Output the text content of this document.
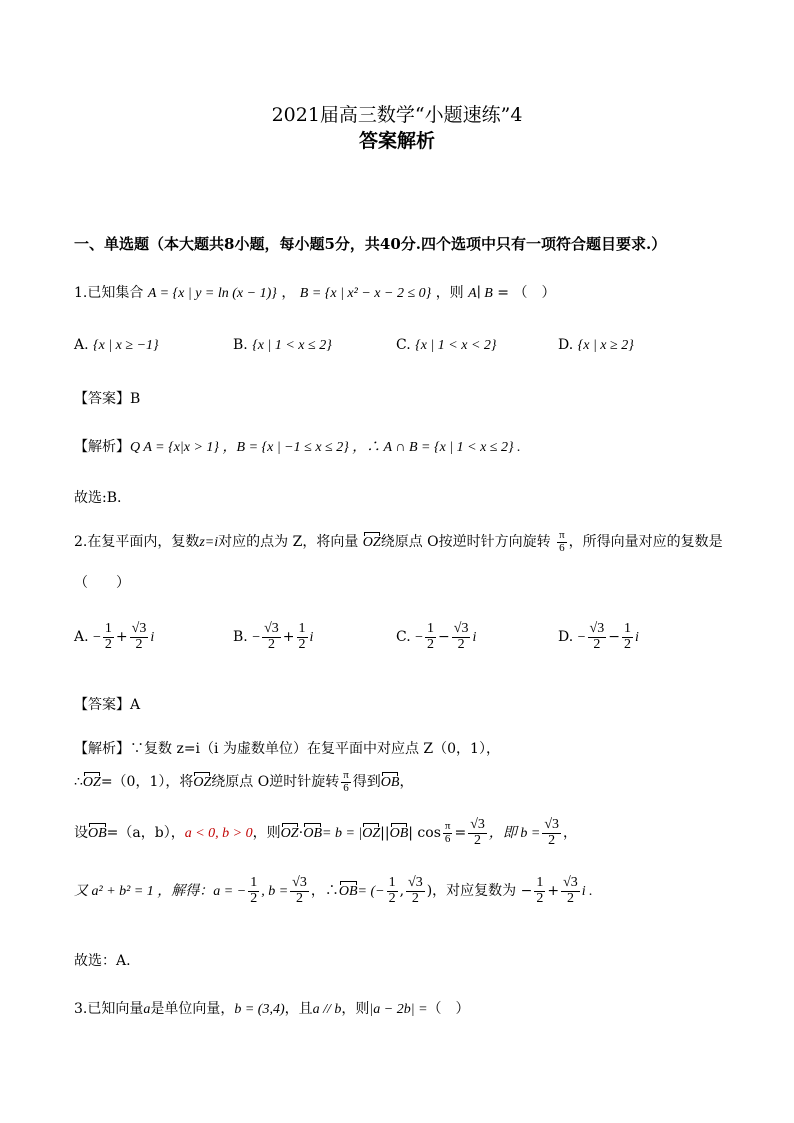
2021届高三数学“小题速练”4
答案解析
一、单选题（本大题共8小题，每小题5分，共40分.四个选项中只有一项符合题目要求.）
1.已知集合 A = {x | y = ln (x − 1)} ， B = {x | x² − x − 2 ≤ 0} ，则 A∣ B = （　）
A. {x | x ≥ −1}	B. {x | 1 < x ≤ 2}	C. {x | 1 < x < 2}	D. {x | x ≥ 2}
【答案】B
【解析】Q A = {x|x > 1} ，B = {x | −1 ≤ x ≤ 2} ，∴ A ∩ B = {x | 1 < x ≤ 2} .
故选:B.
2.在复平面内，复数z=i对应的点为 Z，将向量 OZ绕原点 O按逆时针方向旋转 $\frac{\pi}{6}$ ，所得向量对应的复数是
（　　）
A. − $\frac{1}{2} + \frac{√3}{2}$ i	B. − $\frac{√3}{2} + \frac{1}{2}$ i	C. − $\frac{1}{2} - \frac{√3}{2}$ i	D. − $\frac{√3}{2} - \frac{1}{2}$ i
【答案】A
【解析】∵复数 z=i（i 为虚数单位）在复平面中对应点 Z（0，1），
∴OZ=（0，1），将OZ绕原点 O逆时针旋转 $\frac{\pi}{6}$ 得到OB，
设OB=（a，b），a < 0, b > 0，则OZ⋅OB= b = |OZ||OB| $\cos \frac{\pi}{6} = \frac{√3}{2}$ ，即 $b = \frac{√3}{2}$ ，
又 a² + b² = 1 ，解得：a = − $\frac{1}{2}$ , $b = \frac{√3}{2}$ ，∴OB= (− $\frac{1}{2}$ , $\frac{√3}{2}$ )，对应复数为 − $\frac{1}{2} + \frac{√3}{2}$ i .
故选：A.
3.已知向量a是单位向量，b = (3,4)，且a // b，则|a − 2b| =（　）
